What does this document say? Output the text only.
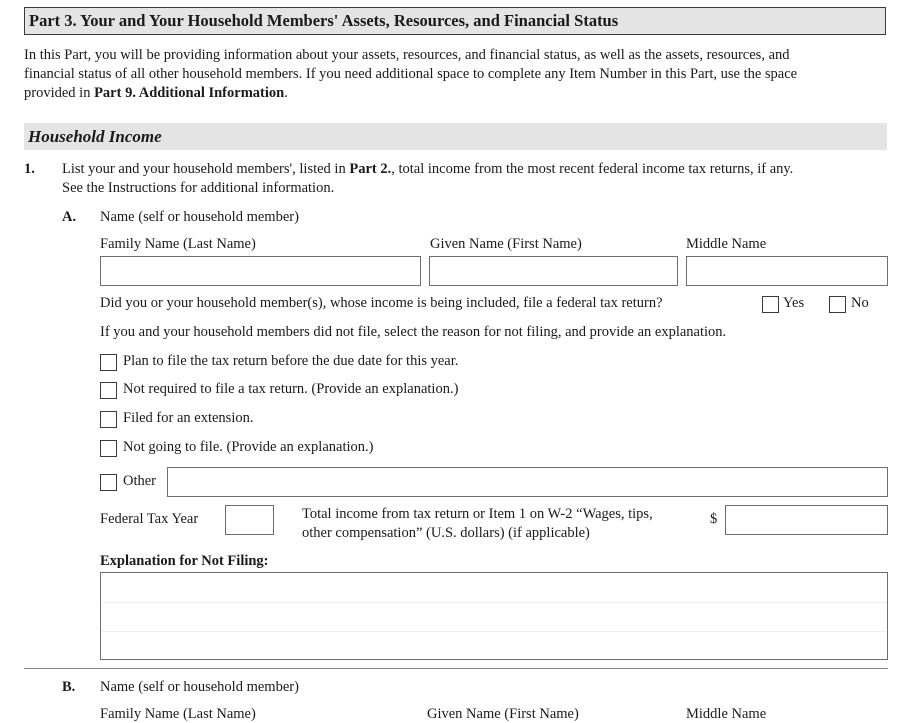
Part 3. Your and Your Household Members' Assets, Resources, and Financial Status
In this Part, you will be providing information about your assets, resources, and financial status, as well as the assets, resources, and
financial status of all other household members. If you need additional space to complete any Item Number in this Part, use the space
provided in Part 9. Additional Information.
Household Income
1. List your and your household members', listed in Part 2., total income from the most recent federal income tax returns, if any.
See the Instructions for additional information.
A. Name (self or household member)
Family Name (Last Name)	Given Name (First Name)	Middle Name
Did you or your household member(s), whose income is being included, file a federal tax return?	Yes	No
If you and your household members did not file, select the reason for not filing, and provide an explanation.
Plan to file the tax return before the due date for this year.
Not required to file a tax return. (Provide an explanation.)
Filed for an extension.
Not going to file. (Provide an explanation.)
Other
Federal Tax Year	Total income from tax return or Item 1 on W-2 “Wages, tips,
other compensation” (U.S. dollars) (if applicable)
$
Explanation for Not Filing:
B. Name (self or household member)
Family Name (Last Name)	Given Name (First Name)	Middle Name
